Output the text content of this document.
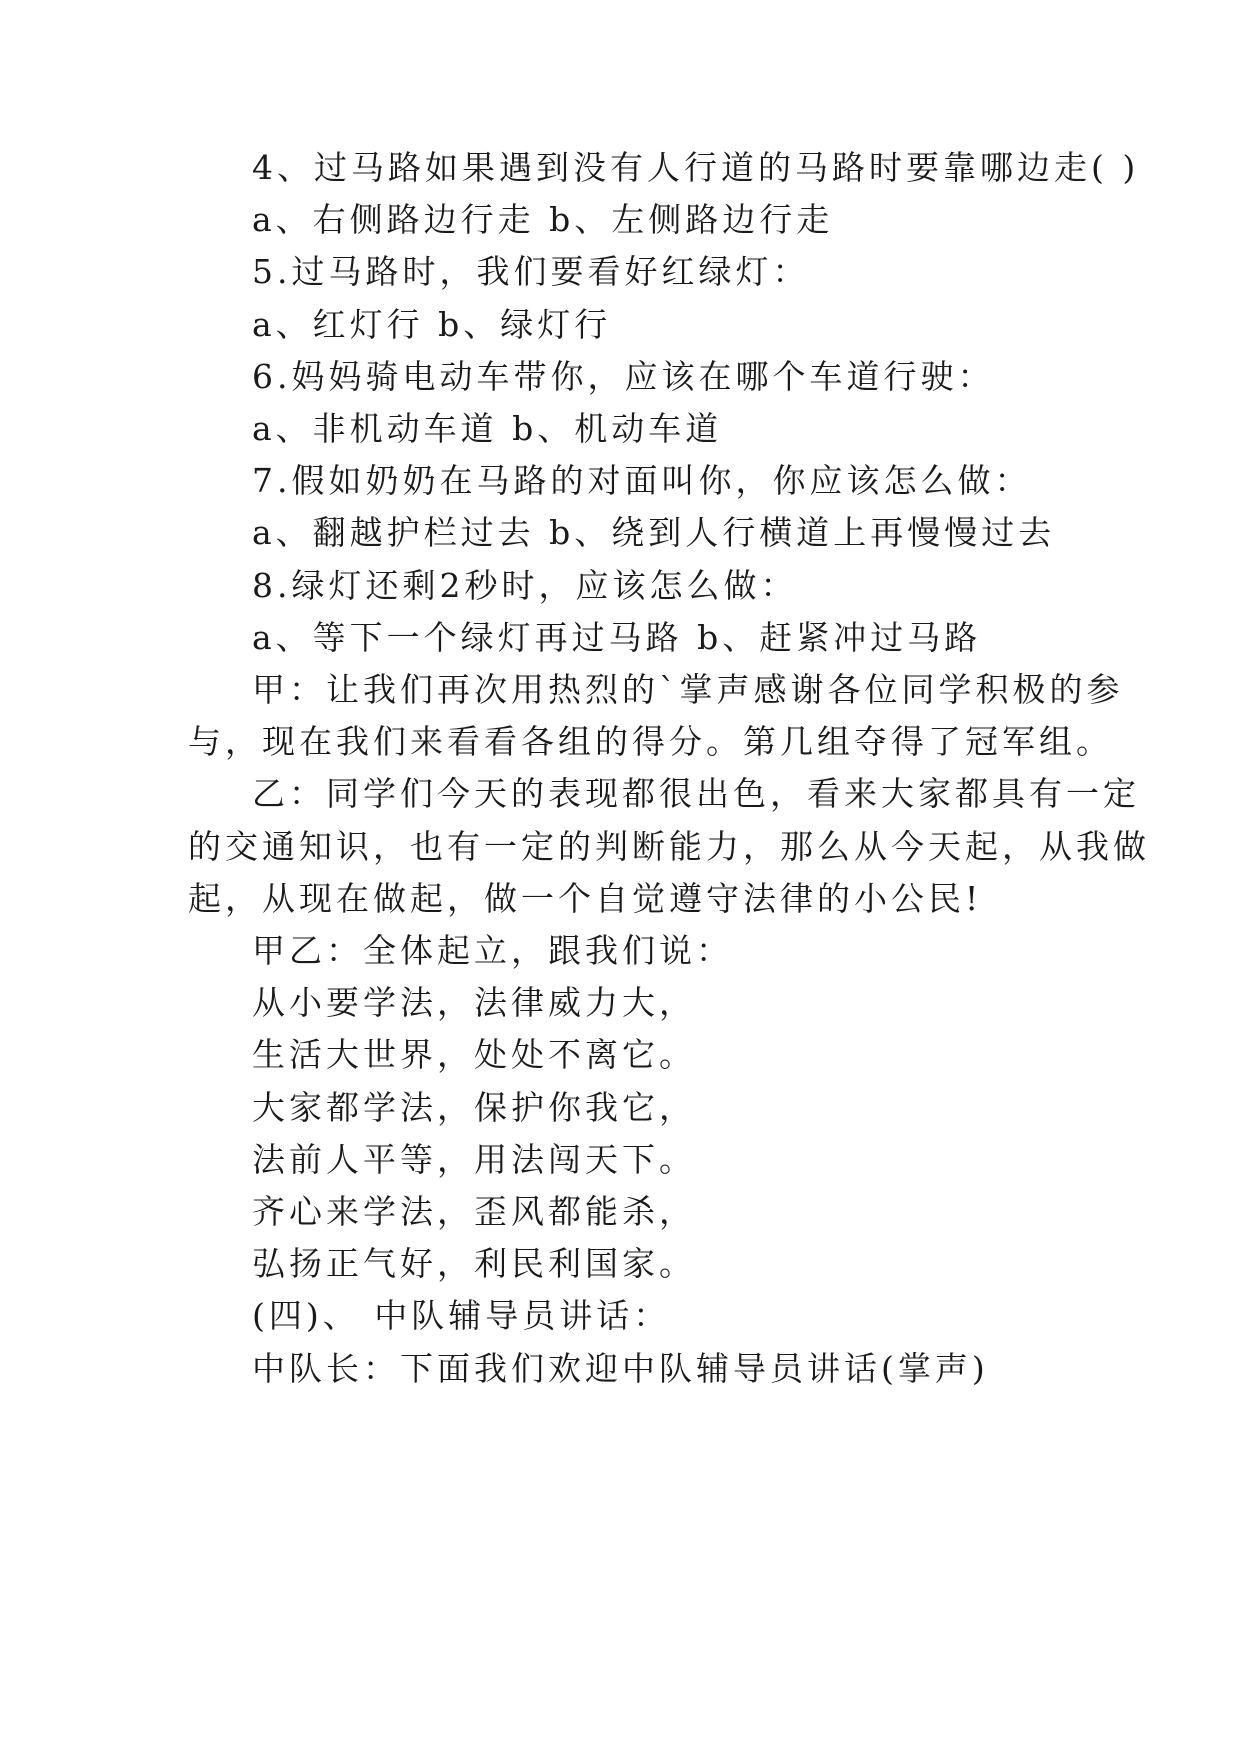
4、过马路如果遇到没有人行道的马路时要靠哪边走( )
a、右侧路边行走 b、左侧路边行走
5.过马路时，我们要看好红绿灯：
a、红灯行 b、绿灯行
6.妈妈骑电动车带你，应该在哪个车道行驶：
a、非机动车道 b、机动车道
7.假如奶奶在马路的对面叫你，你应该怎么做：
a、翻越护栏过去 b、绕到人行横道上再慢慢过去
8.绿灯还剩2秒时，应该怎么做：
a、等下一个绿灯再过马路 b、赶紧冲过马路
甲：让我们再次用热烈的`掌声感谢各位同学积极的参
与，现在我们来看看各组的得分。第几组夺得了冠军组。
乙：同学们今天的表现都很出色，看来大家都具有一定
的交通知识，也有一定的判断能力，那么从今天起，从我做
起，从现在做起，做一个自觉遵守法律的小公民!
甲乙：全体起立，跟我们说：
从小要学法，法律威力大，
生活大世界，处处不离它。
大家都学法，保护你我它，
法前人平等，用法闯天下。
齐心来学法，歪风都能杀，
弘扬正气好，利民利国家。
(四)、 中队辅导员讲话：
中队长：下面我们欢迎中队辅导员讲话(掌声)
